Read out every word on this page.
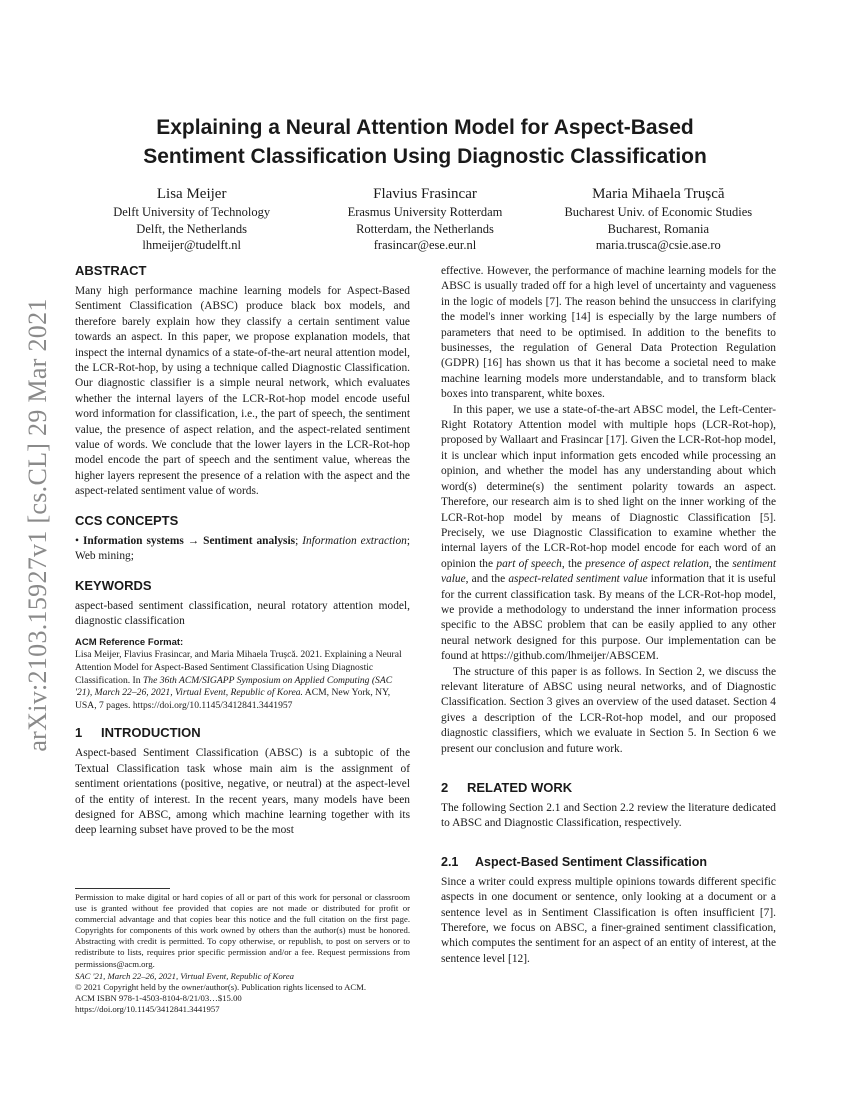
arXiv:2103.15927v1 [cs.CL] 29 Mar 2021
Explaining a Neural Attention Model for Aspect-Based
Sentiment Classification Using Diagnostic Classification
Lisa Meijer
Delft University of Technology
Delft, the Netherlands
lhmeijer@tudelft.nl
Flavius Frasincar
Erasmus University Rotterdam
Rotterdam, the Netherlands
frasincar@ese.eur.nl
Maria Mihaela Trușcă
Bucharest Univ. of Economic Studies
Bucharest, Romania
maria.trusca@csie.ase.ro
ABSTRACT

Many high performance machine learning models for Aspect-Based Sentiment Classification (ABSC) produce black box models, and therefore barely explain how they classify a certain sentiment value towards an aspect. In this paper, we propose explanation models, that inspect the internal dynamics of a state-of-the-art neural attention model, the LCR-Rot-hop, by using a technique called Diagnostic Classification. Our diagnostic classifier is a simple neural network, which evaluates whether the internal layers of the LCR-Rot-hop model encode useful word information for classification, i.e., the part of speech, the sentiment value, the presence of aspect relation, and the aspect-related sentiment value of words. We conclude that the lower layers in the LCR-Rot-hop model encode the part of speech and the sentiment value, whereas the higher layers represent the presence of a relation with the aspect and the aspect-related sentiment value of words.

CCS CONCEPTS

• Information systems → Sentiment analysis; Information extraction; Web mining;

KEYWORDS

aspect-based sentiment classification, neural rotatory attention model, diagnostic classification

ACM Reference Format:

Lisa Meijer, Flavius Frasincar, and Maria Mihaela Trușcă. 2021. Explaining a Neural Attention Model for Aspect-Based Sentiment Classification Using Diagnostic Classification. In The 36th ACM/SIGAPP Symposium on Applied Computing (SAC '21), March 22–26, 2021, Virtual Event, Republic of Korea. ACM, New York, NY, USA, 7 pages. https://doi.org/10.1145/3412841.3441957

1 INTRODUCTION

Aspect-based Sentiment Classification (ABSC) is a subtopic of the Textual Classification task whose main aim is the assignment of sentiment orientations (positive, negative, or neutral) at the aspect-level of the entity of interest. In the recent years, many models have been designed for ABSC, among which machine learning together with its deep learning subset have proved to be the most

Permission to make digital or hard copies of all or part of this work for personal or classroom use is granted without fee provided that copies are not made or distributed for profit or commercial advantage and that copies bear this notice and the full citation on the first page. Copyrights for components of this work owned by others than the author(s) must be honored. Abstracting with credit is permitted. To copy otherwise, or republish, to post on servers or to redistribute to lists, requires prior specific permission and/or a fee. Request permissions from permissions@acm.org.

SAC '21, March 22–26, 2021, Virtual Event, Republic of Korea

© 2021 Copyright held by the owner/author(s). Publication rights licensed to ACM.

ACM ISBN 978-1-4503-8104-8/21/03…$15.00

https://doi.org/10.1145/3412841.3441957

effective. However, the performance of machine learning models for the ABSC is usually traded off for a high level of uncertainty and vagueness in the logic of models [7]. The reason behind the unsuccess in clarifying the model's inner working [14] is especially by the large numbers of parameters that need to be optimised. In addition to the benefits to businesses, the regulation of General Data Protection Regulation (GDPR) [16] has shown us that it has become a societal need to make machine learning models more understandable, and to transform black boxes into transparent, white boxes.

In this paper, we use a state-of-the-art ABSC model, the Left-Center-Right Rotatory Attention model with multiple hops (LCR-Rot-hop), proposed by Wallaart and Frasincar [17]. Given the LCR-Rot-hop model, it is unclear which input information gets encoded while processing an opinion, and whether the model has any understanding about which word(s) determine(s) the sentiment polarity towards an aspect. Therefore, our research aim is to shed light on the inner working of the LCR-Rot-hop model by means of Diagnostic Classification [5]. Precisely, we use Diagnostic Classification to examine whether the internal layers of the LCR-Rot-hop model encode for each word of an opinion the part of speech, the presence of aspect relation, the sentiment value, and the aspect-related sentiment value information that it is useful for the current classification task. By means of the LCR-Rot-hop model, we provide a methodology to understand the inner information process specific to the ABSC problem that can be easily applied to any other neural network designed for this purpose. Our implementation can be found at https://github.com/lhmeijer/ABSCEM.

The structure of this paper is as follows. In Section 2, we discuss the relevant literature of ABSC using neural networks, and of Diagnostic Classification. Section 3 gives an overview of the used dataset. Section 4 gives a description of the LCR-Rot-hop model, and our proposed diagnostic classifiers, which we evaluate in Section 5. In Section 6 we present our conclusion and future work.

2 RELATED WORK

The following Section 2.1 and Section 2.2 review the literature dedicated to ABSC and Diagnostic Classification, respectively.

2.1 Aspect-Based Sentiment Classification

Since a writer could express multiple opinions towards different specific aspects in one document or sentence, only looking at a document or a sentence level as in Sentiment Classification is often insufficient [7]. Therefore, we focus on ABSC, a finer-grained sentiment classification, which computes the sentiment for an aspect of an entity of interest, at the sentence level [12].
